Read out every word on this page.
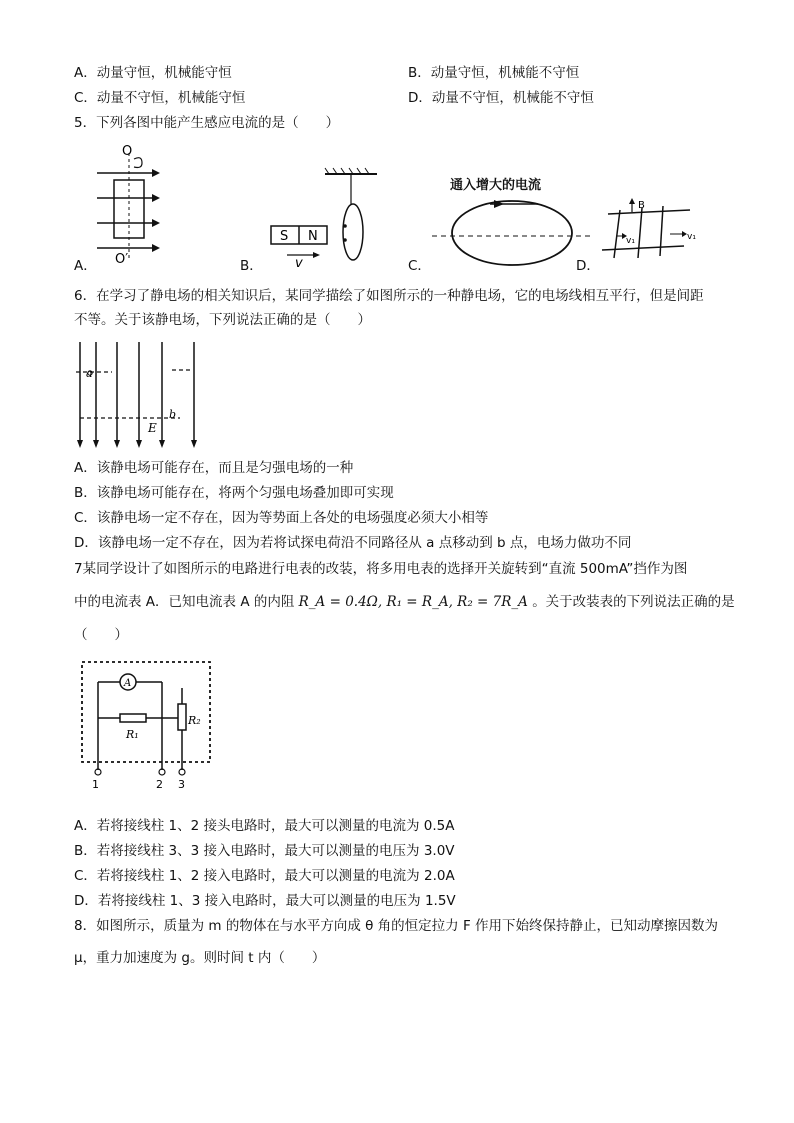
A．动量守恒，机械能守恒	B．动量守恒，机械能不守恒
C．动量不守恒，机械能守恒	D．动量不守恒，机械能不守恒
5．下列各图中能产生感应电流的是（　　）
O
O′
A．
S N
v
B．
通入增大的电流
C．
B
v₁	v₁
D．
6．在学习了静电场的相关知识后，某同学描绘了如图所示的一种静电场，它的电场线相互平行，但是间距
不等。关于该静电场，下列说法正确的是（　　）
a
b
E
A．该静电场可能存在，而且是匀强电场的一种
B．该静电场可能存在，将两个匀强电场叠加即可实现
C．该静电场一定不存在，因为等势面上各处的电场强度必须大小相等
D．该静电场一定不存在，因为若将试探电荷沿不同路径从 a 点移动到 b 点，电场力做功不同
7某同学设计了如图所示的电路进行电表的改装，将多用电表的选择开关旋转到“直流 500mA”挡作为图
中的电流表 A．已知电流表 A 的内阻 R_A = 0.4Ω, R₁ = R_A, R₂ = 7R_A 。关于改装表的下列说法正确的是
（　　）
A
R₁
R₂
1	2 3
A．若将接线柱 1、2 接头电路时，最大可以测量的电流为 0.5A
B．若将接线柱 3、3 接入电路时，最大可以测量的电压为 3.0V
C．若将接线柱 1、2 接入电路时，最大可以测量的电流为 2.0A
D．若将接线柱 1、3 接入电路时，最大可以测量的电压为 1.5V
8．如图所示，质量为 m 的物体在与水平方向成 θ 角的恒定拉力 F 作用下始终保持静止，已知动摩擦因数为
μ，重力加速度为 g。则时间 t 内（　　）
